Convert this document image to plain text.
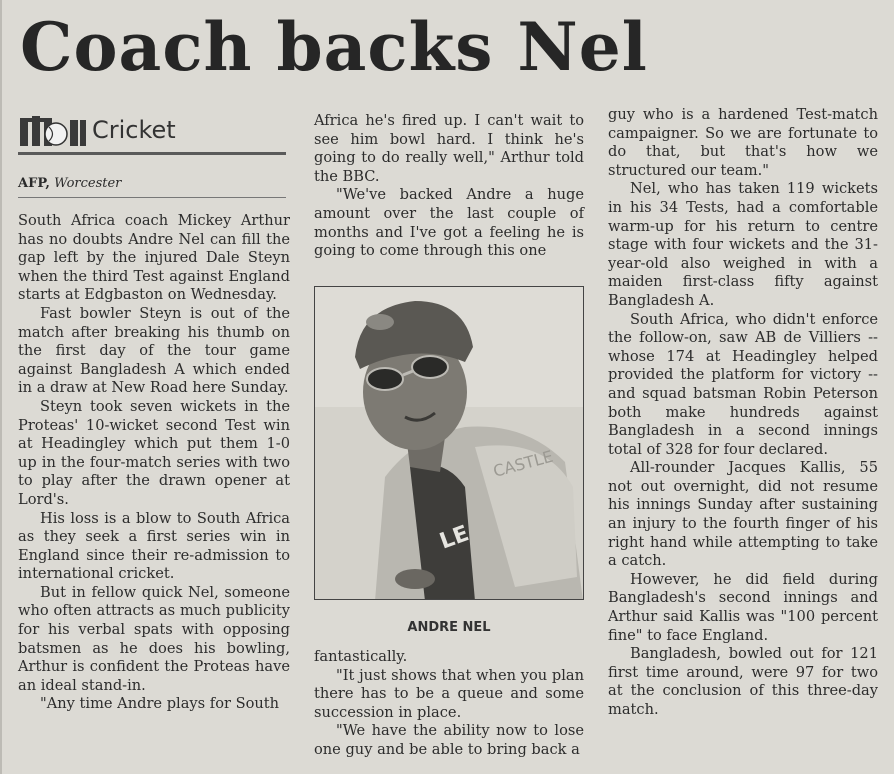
Coach backs Nel
Cricket
AFP, Worcester

South Africa coach Mickey Arthur has no doubts Andre Nel can fill the gap left by the injured Dale Steyn when the third Test against England starts at Edgbaston on Wednesday.

Fast bowler Steyn is out of the match after breaking his thumb on the first day of the tour game against Bangladesh A which ended in a draw at New Road here Sunday.

Steyn took seven wickets in the Proteas' 10-wicket second Test win at Headingley which put them 1-0 up in the four-match series with two to play after the drawn opener at Lord's.

His loss is a blow to South Africa as they seek a first series win in England since their re-admission to international cricket.

But in fellow quick Nel, someone who often attracts as much publicity for his verbal spats with opposing batsmen as he does his bowling, Arthur is confident the Proteas have an ideal stand-in.

"Any time Andre plays for South

Africa he's fired up. I can't wait to see him bowl hard. I think he's going to do really well," Arthur told the BBC.

"We've backed Andre a huge amount over the last couple of months and I've got a feeling he is going to come through this one

LE
CASTLE
ANDRE NEL

fantastically.

"It just shows that when you plan there has to be a queue and some succession in place.

"We have the ability now to lose one guy and be able to bring back a

guy who is a hardened Test-match campaigner. So we are fortunate to do that, but that's how we structured our team."

Nel, who has taken 119 wickets in his 34 Tests, had a comfortable warm-up for his return to centre stage with four wickets and the 31-year-old also weighed in with a maiden first-class fifty against Bangladesh A.

South Africa, who didn't enforce the follow-on, saw AB de Villiers -- whose 174 at Headingley helped provided the platform for victory -- and squad batsman Robin Peterson both make hundreds against Bangladesh in a second innings total of 328 for four declared.

All-rounder Jacques Kallis, 55 not out overnight, did not resume his innings Sunday after sustaining an injury to the fourth finger of his right hand while attempting to take a catch.

However, he did field during Bangladesh's second innings and Arthur said Kallis was "100 percent fine" to face England.

Bangladesh, bowled out for 121 first time around, were 97 for two at the conclusion of this three-day match.
